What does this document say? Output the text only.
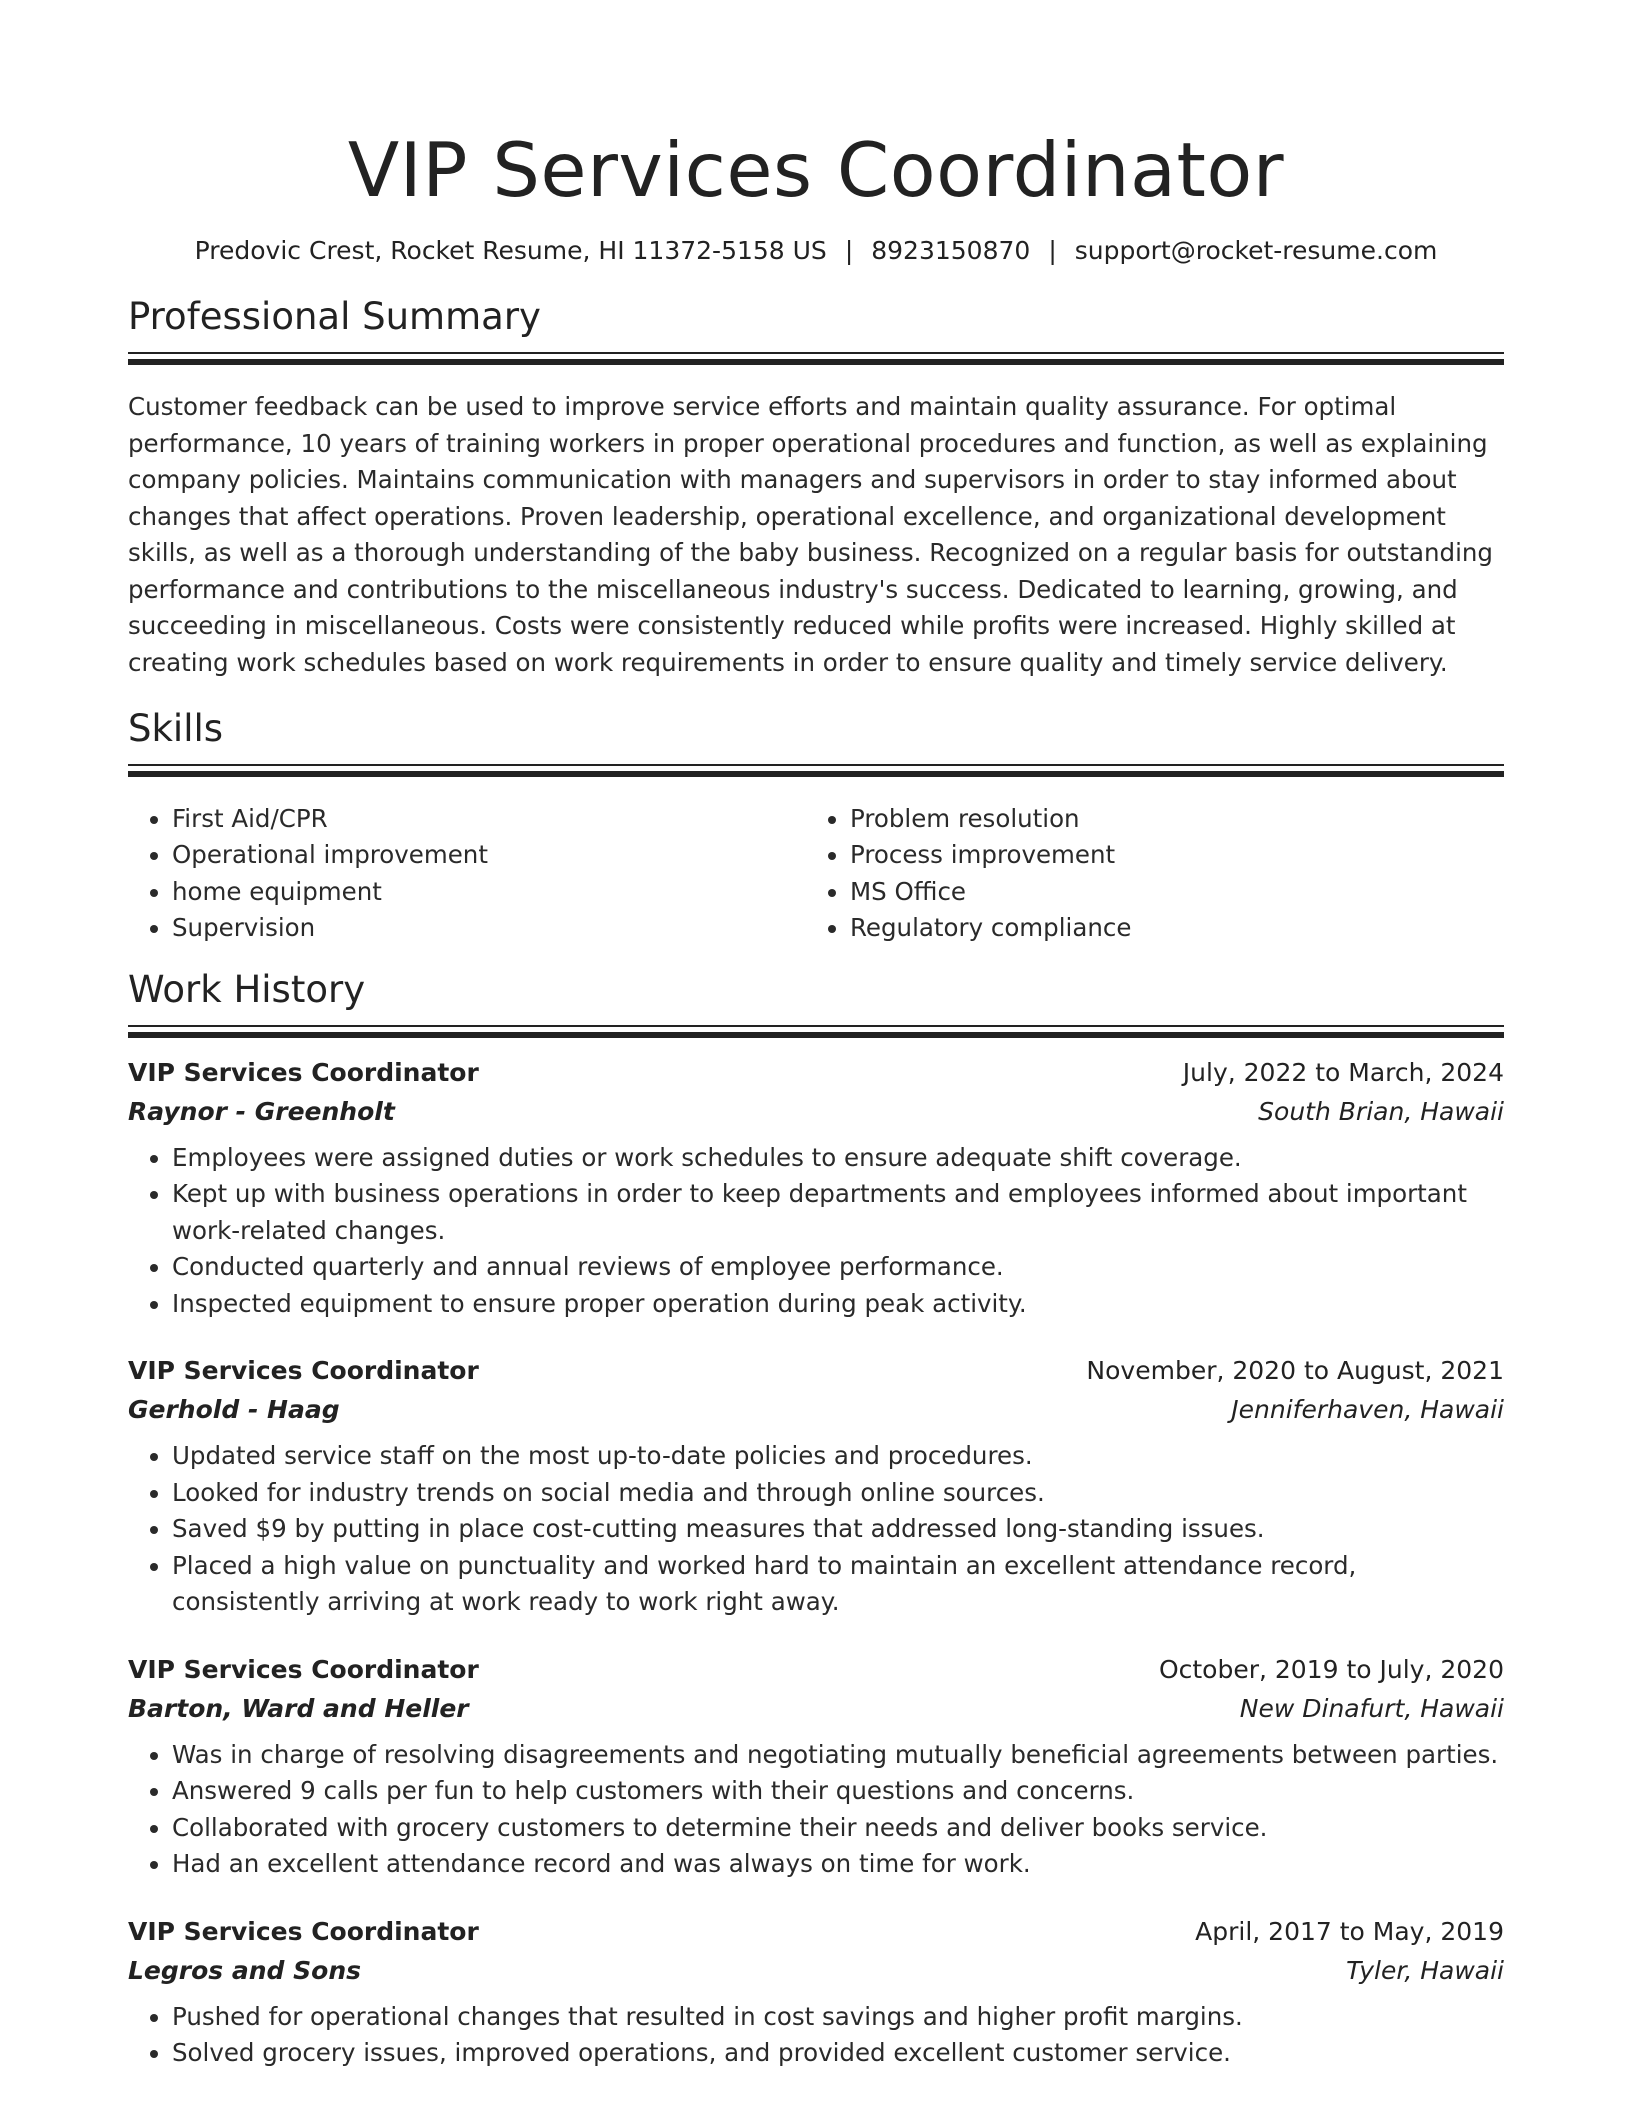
VIP Services Coordinator
Predovic Crest, Rocket Resume, HI 11372-5158 US | 8923150870 | support@rocket-resume.com
Professional Summary

Customer feedback can be used to improve service efforts and maintain quality assurance. For optimal performance, 10 years of training workers in proper operational procedures and function, as well as explaining company policies. Maintains communication with managers and supervisors in order to stay informed about changes that affect operations. Proven leadership, operational excellence, and organizational development skills, as well as a thorough understanding of the baby business. Recognized on a regular basis for outstanding performance and contributions to the miscellaneous industry's success. Dedicated to learning, growing, and succeeding in miscellaneous. Costs were consistently reduced while profits were increased. Highly skilled at creating work schedules based on work requirements in order to ensure quality and timely service delivery.

Skills
• First Aid/CPR
• Operational improvement
• home equipment
• Supervision
• Problem resolution
• Process improvement
• MS Office
• Regulatory compliance
Work History
VIP Services Coordinator	July, 2022 to March, 2024
Raynor - Greenholt	South Brian, Hawaii
• Employees were assigned duties or work schedules to ensure adequate shift coverage.
• Kept up with business operations in order to keep departments and employees informed about important work-related changes.
• Conducted quarterly and annual reviews of employee performance.
• Inspected equipment to ensure proper operation during peak activity.
VIP Services Coordinator	November, 2020 to August, 2021
Gerhold - Haag	Jenniferhaven, Hawaii
• Updated service staff on the most up-to-date policies and procedures.
• Looked for industry trends on social media and through online sources.
• Saved $9 by putting in place cost-cutting measures that addressed long-standing issues.
• Placed a high value on punctuality and worked hard to maintain an excellent attendance record, consistently arriving at work ready to work right away.
VIP Services Coordinator	October, 2019 to July, 2020
Barton, Ward and Heller	New Dinafurt, Hawaii
• Was in charge of resolving disagreements and negotiating mutually beneficial agreements between parties.
• Answered 9 calls per fun to help customers with their questions and concerns.
• Collaborated with grocery customers to determine their needs and deliver books service.
• Had an excellent attendance record and was always on time for work.
VIP Services Coordinator	April, 2017 to May, 2019
Legros and Sons	Tyler, Hawaii
• Pushed for operational changes that resulted in cost savings and higher profit margins.
• Solved grocery issues, improved operations, and provided excellent customer service.
